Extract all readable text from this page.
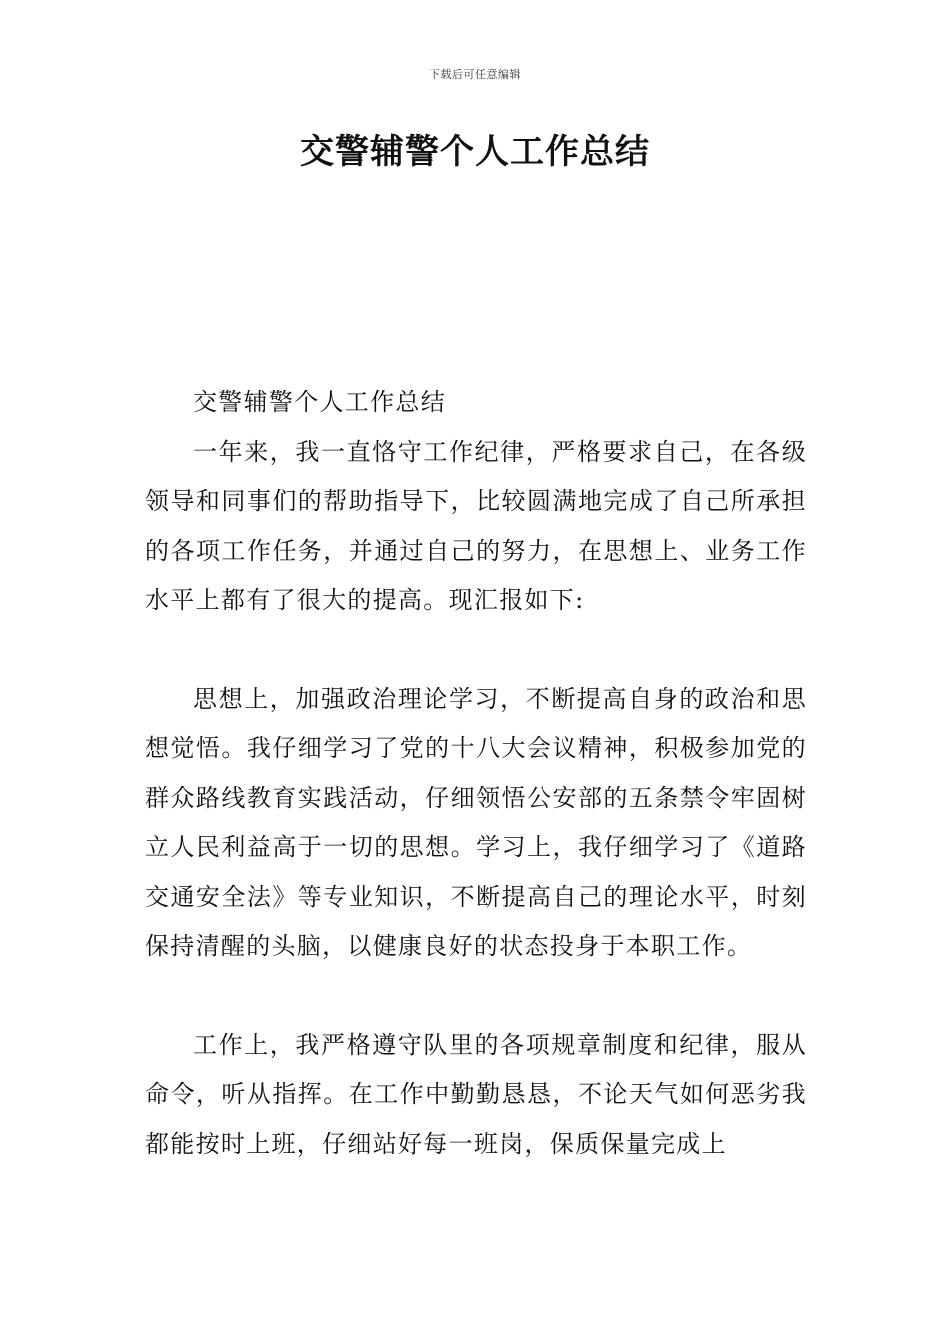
下载后可任意编辑
交警辅警个人工作总结

交警辅警个人工作总结

一年来，我一直恪守工作纪律，严格要求自己，在各级领导和同事们的帮助指导下，比较圆满地完成了自己所承担的各项工作任务，并通过自己的努力，在思想上、业务工作水平上都有了很大的提高。现汇报如下:

思想上，加强政治理论学习，不断提高自身的政治和思想觉悟。我仔细学习了党的十八大会议精神，积极参加党的群众路线教育实践活动，仔细领悟公安部的五条禁令牢固树立人民利益高于一切的思想。学习上，我仔细学习了《道路交通安全法》等专业知识，不断提高自己的理论水平，时刻保持清醒的头脑，以健康良好的状态投身于本职工作。

工作上，我严格遵守队里的各项规章制度和纪律，服从命令，听从指挥。在工作中勤勤恳恳，不论天气如何恶劣我都能按时上班，仔细站好每一班岗，保质保量完成上
